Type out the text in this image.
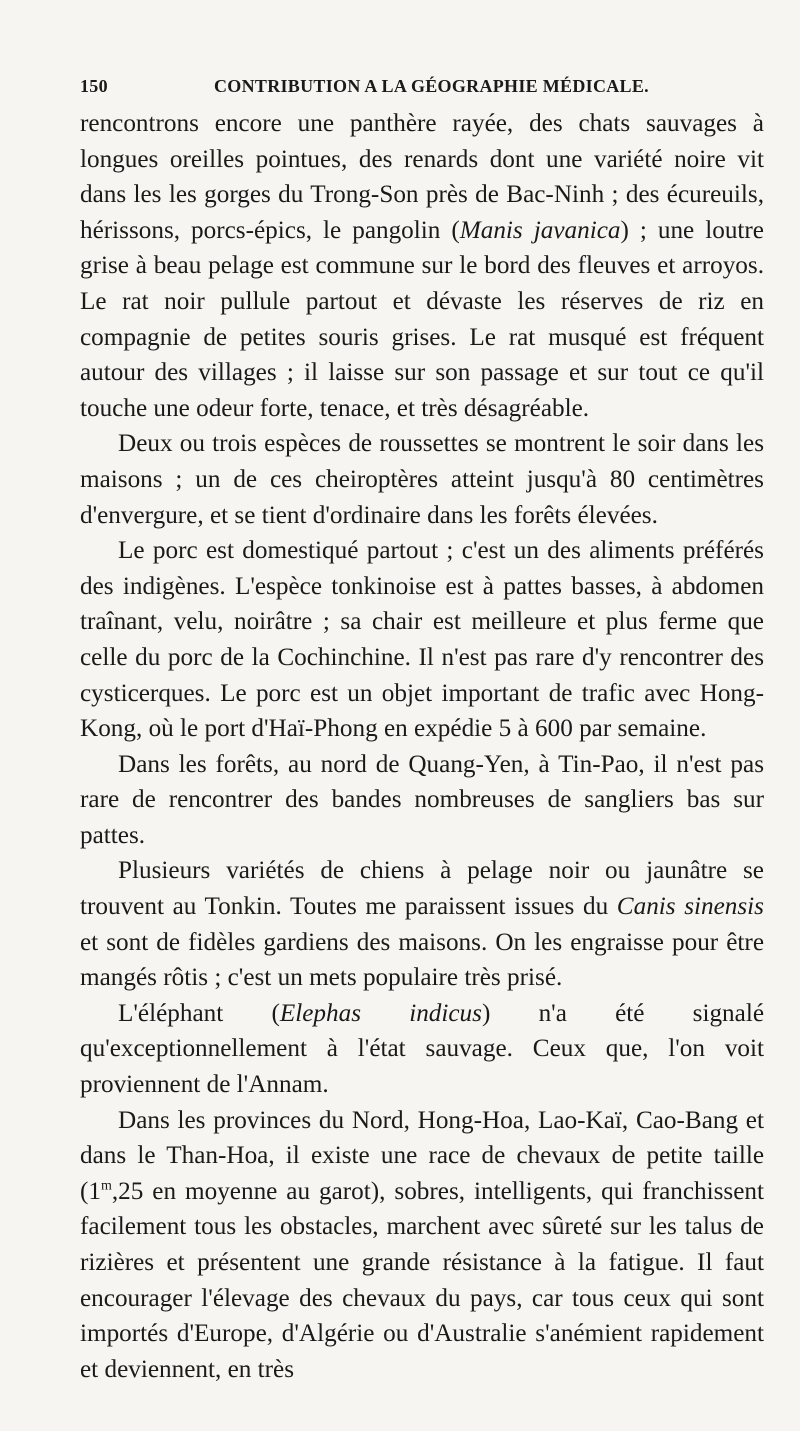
150	CONTRIBUTION A LA GÉOGRAPHIE MÉDICALE.

rencontrons encore une panthère rayée, des chats sauvages à longues oreilles pointues, des renards dont une variété noire vit dans les les gorges du Trong-Son près de Bac-Ninh ; des écureuils, hérissons, porcs-épics, le pangolin (Manis javanica) ; une loutre grise à beau pelage est commune sur le bord des fleuves et arroyos. Le rat noir pullule partout et dévaste les réserves de riz en compagnie de petites souris grises. Le rat musqué est fréquent autour des villages ; il laisse sur son passage et sur tout ce qu'il touche une odeur forte, tenace, et très désagréable.

Deux ou trois espèces de roussettes se montrent le soir dans les maisons ; un de ces cheiroptères atteint jusqu'à 80 centimètres d'envergure, et se tient d'ordinaire dans les forêts élevées.

Le porc est domestiqué partout ; c'est un des aliments préférés des indigènes. L'espèce tonkinoise est à pattes basses, à abdomen traînant, velu, noirâtre ; sa chair est meilleure et plus ferme que celle du porc de la Cochinchine. Il n'est pas rare d'y rencontrer des cysticerques. Le porc est un objet important de trafic avec Hong-Kong, où le port d'Haï-Phong en expédie 5 à 600 par semaine.

Dans les forêts, au nord de Quang-Yen, à Tin-Pao, il n'est pas rare de rencontrer des bandes nombreuses de sangliers bas sur pattes.

Plusieurs variétés de chiens à pelage noir ou jaunâtre se trouvent au Tonkin. Toutes me paraissent issues du Canis sinensis et sont de fidèles gardiens des maisons. On les engraisse pour être mangés rôtis ; c'est un mets populaire très prisé.

L'éléphant (Elephas indicus) n'a été signalé qu'exceptionnellement à l'état sauvage. Ceux que, l'on voit proviennent de l'Annam.

Dans les provinces du Nord, Hong-Hoa, Lao-Kaï, Cao-Bang et dans le Than-Hoa, il existe une race de chevaux de petite taille (1$^m$,25 en moyenne au garot), sobres, intelligents, qui franchissent facilement tous les obstacles, marchent avec sûreté sur les talus de rizières et présentent une grande résistance à la fatigue. Il faut encourager l'élevage des chevaux du pays, car tous ceux qui sont importés d'Europe, d'Algérie ou d'Australie s'anémient rapidement et deviennent, en très
